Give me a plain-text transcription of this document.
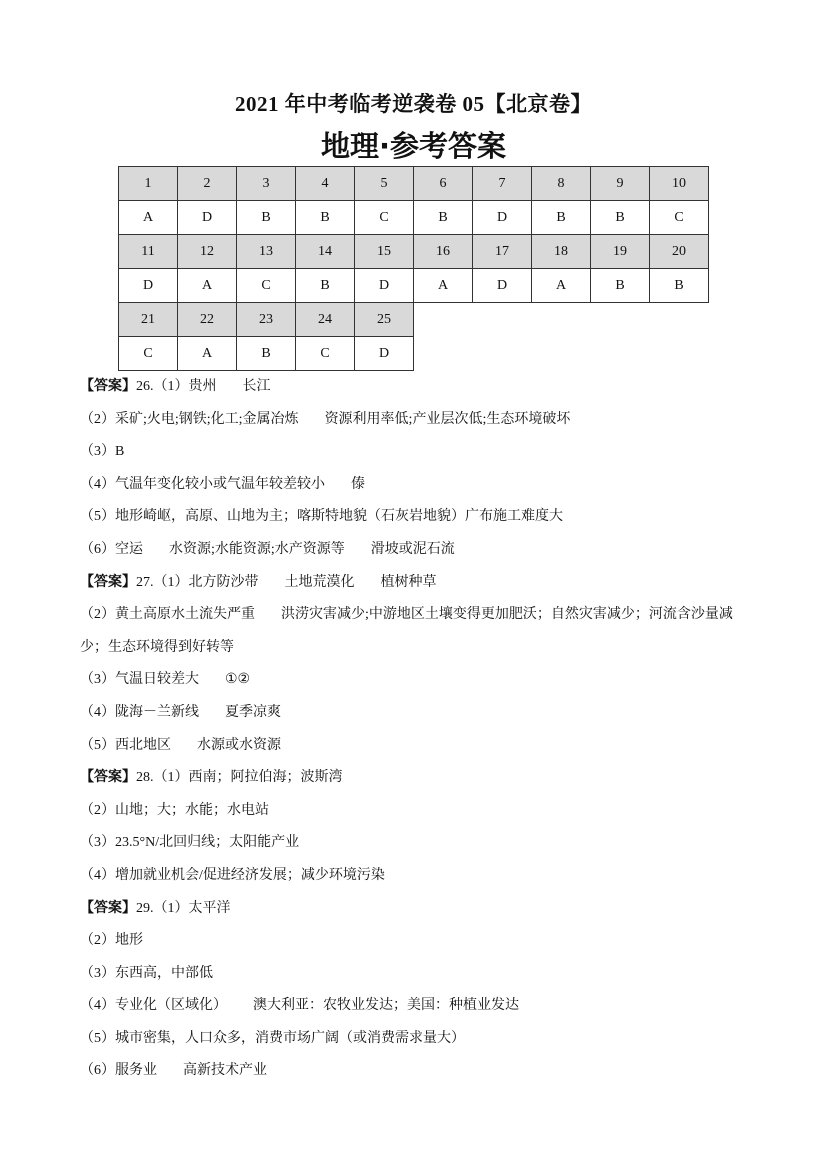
2021 年中考临考逆袭卷 05【北京卷】
地理·参考答案
1	2	3	4	5	6	7	8	9	10
A	D	B	B	C	B	D	B	B	C
11	12	13	14	15	16	17	18	19	20
D	A	C	B	D	A	D	A	B	B
21	22	23	24	25					
C	A	B	C	D					
【答案】26.（1）贵州 长江
（2）采矿;火电;钢铁;化工;金属冶炼 资源利用率低;产业层次低;生态环境破坏
（3）B
（4）气温年变化较小或气温年较差较小 傣
（5）地形崎岖，高原、山地为主；喀斯特地貌（石灰岩地貌）广布施工难度大
（6）空运 水资源;水能资源;水产资源等 滑坡或泥石流
【答案】27.（1）北方防沙带 土地荒漠化 植树种草
（2）黄土高原水土流失严重 洪涝灾害减少;中游地区土壤变得更加肥沃；自然灾害减少；河流含沙量减少；生态环境得到好转等
（3）气温日较差大 ①②
（4）陇海－兰新线 夏季凉爽
（5）西北地区 水源或水资源
【答案】28.（1）西南；阿拉伯海；波斯湾
（2）山地；大；水能；水电站
（3）23.5°N/北回归线；太阳能产业
（4）增加就业机会/促进经济发展；减少环境污染
【答案】29.（1）太平洋
（2）地形
（3）东西高，中部低
（4）专业化（区域化） 澳大利亚：农牧业发达；美国：种植业发达
（5）城市密集，人口众多，消费市场广阔（或消费需求量大）
（6）服务业 高新技术产业
